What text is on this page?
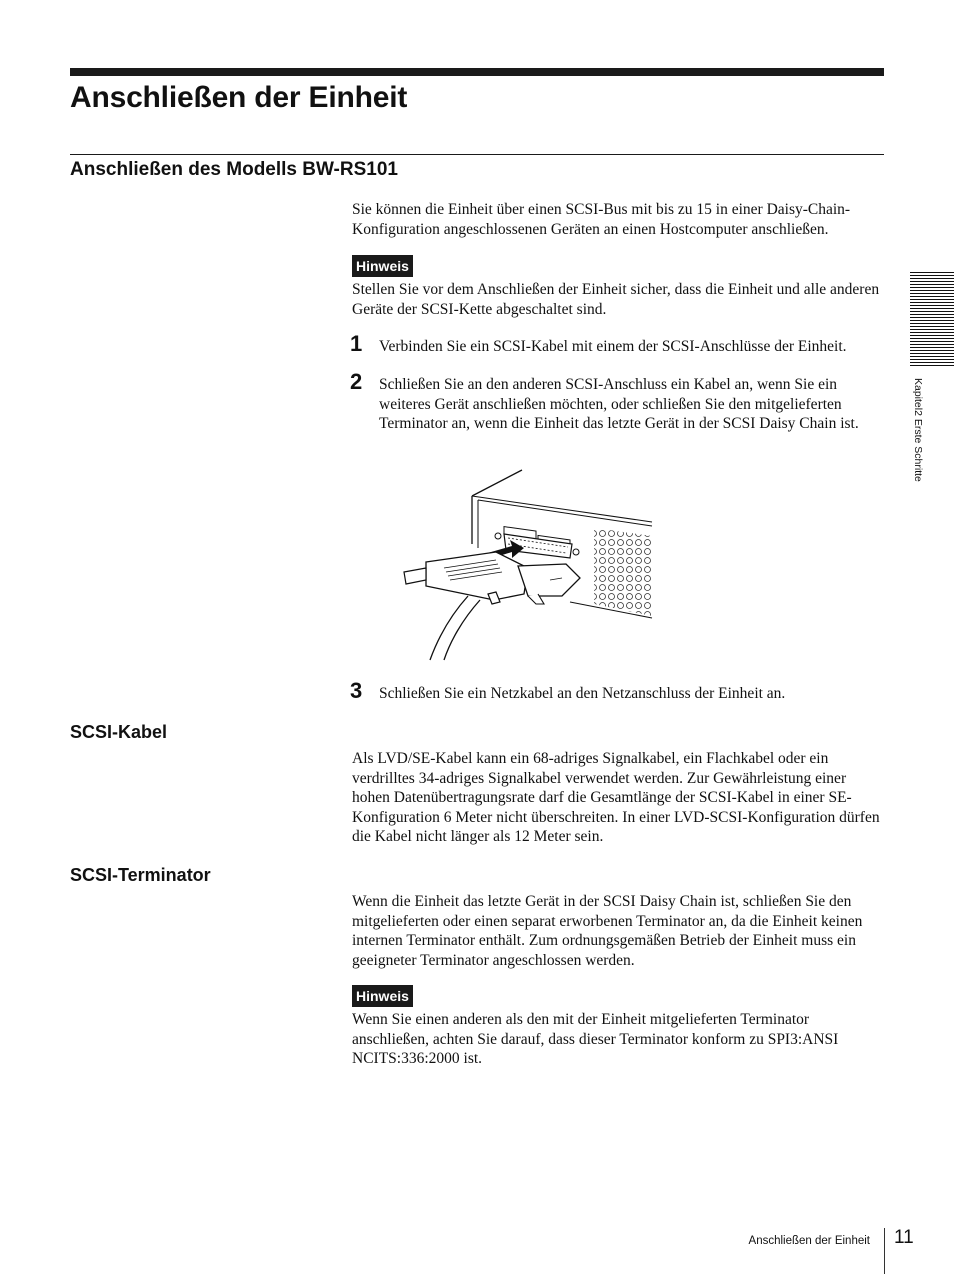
Anschließen der Einheit
Anschließen des Modells BW-RS101
Sie können die Einheit über einen SCSI-Bus mit bis zu 15 in einer Daisy-Chain-Konfiguration angeschlossenen Geräten an einen Hostcomputer anschließen.
Hinweis
Stellen Sie vor dem Anschließen der Einheit sicher, dass die Einheit und alle anderen Geräte der SCSI-Kette abgeschaltet sind.
1 Verbinden Sie ein SCSI-Kabel mit einem der SCSI-Anschlüsse der Einheit.
2 Schließen Sie an den anderen SCSI-Anschluss ein Kabel an, wenn Sie ein weiteres Gerät anschließen möchten, oder schließen Sie den mitgelieferten Terminator an, wenn die Einheit das letzte Gerät in der SCSI Daisy Chain ist.
3 Schließen Sie ein Netzkabel an den Netzanschluss der Einheit an.
SCSI-Kabel
Als LVD/SE-Kabel kann ein 68-adriges Signalkabel, ein Flachkabel oder ein verdrilltes 34-adriges Signalkabel verwendet werden. Zur Gewährleistung einer hohen Datenübertragungsrate darf die Gesamtlänge der SCSI-Kabel in einer SE-Konfiguration 6 Meter nicht überschreiten. In einer LVD-SCSI-Konfiguration dürfen die Kabel nicht länger als 12 Meter sein.
SCSI-Terminator
Wenn die Einheit das letzte Gerät in der SCSI Daisy Chain ist, schließen Sie den mitgelieferten oder einen separat erworbenen Terminator an, da die Einheit keinen internen Terminator enthält. Zum ordnungsgemäßen Betrieb der Einheit muss ein geeigneter Terminator angeschlossen werden.
Hinweis
Wenn Sie einen anderen als den mit der Einheit mitgelieferten Terminator anschließen, achten Sie darauf, dass dieser Terminator konform zu SPI3:ANSI NCITS:336:2000 ist.
Kapitel2 Erste Schritte
Anschließen der Einheit 11
